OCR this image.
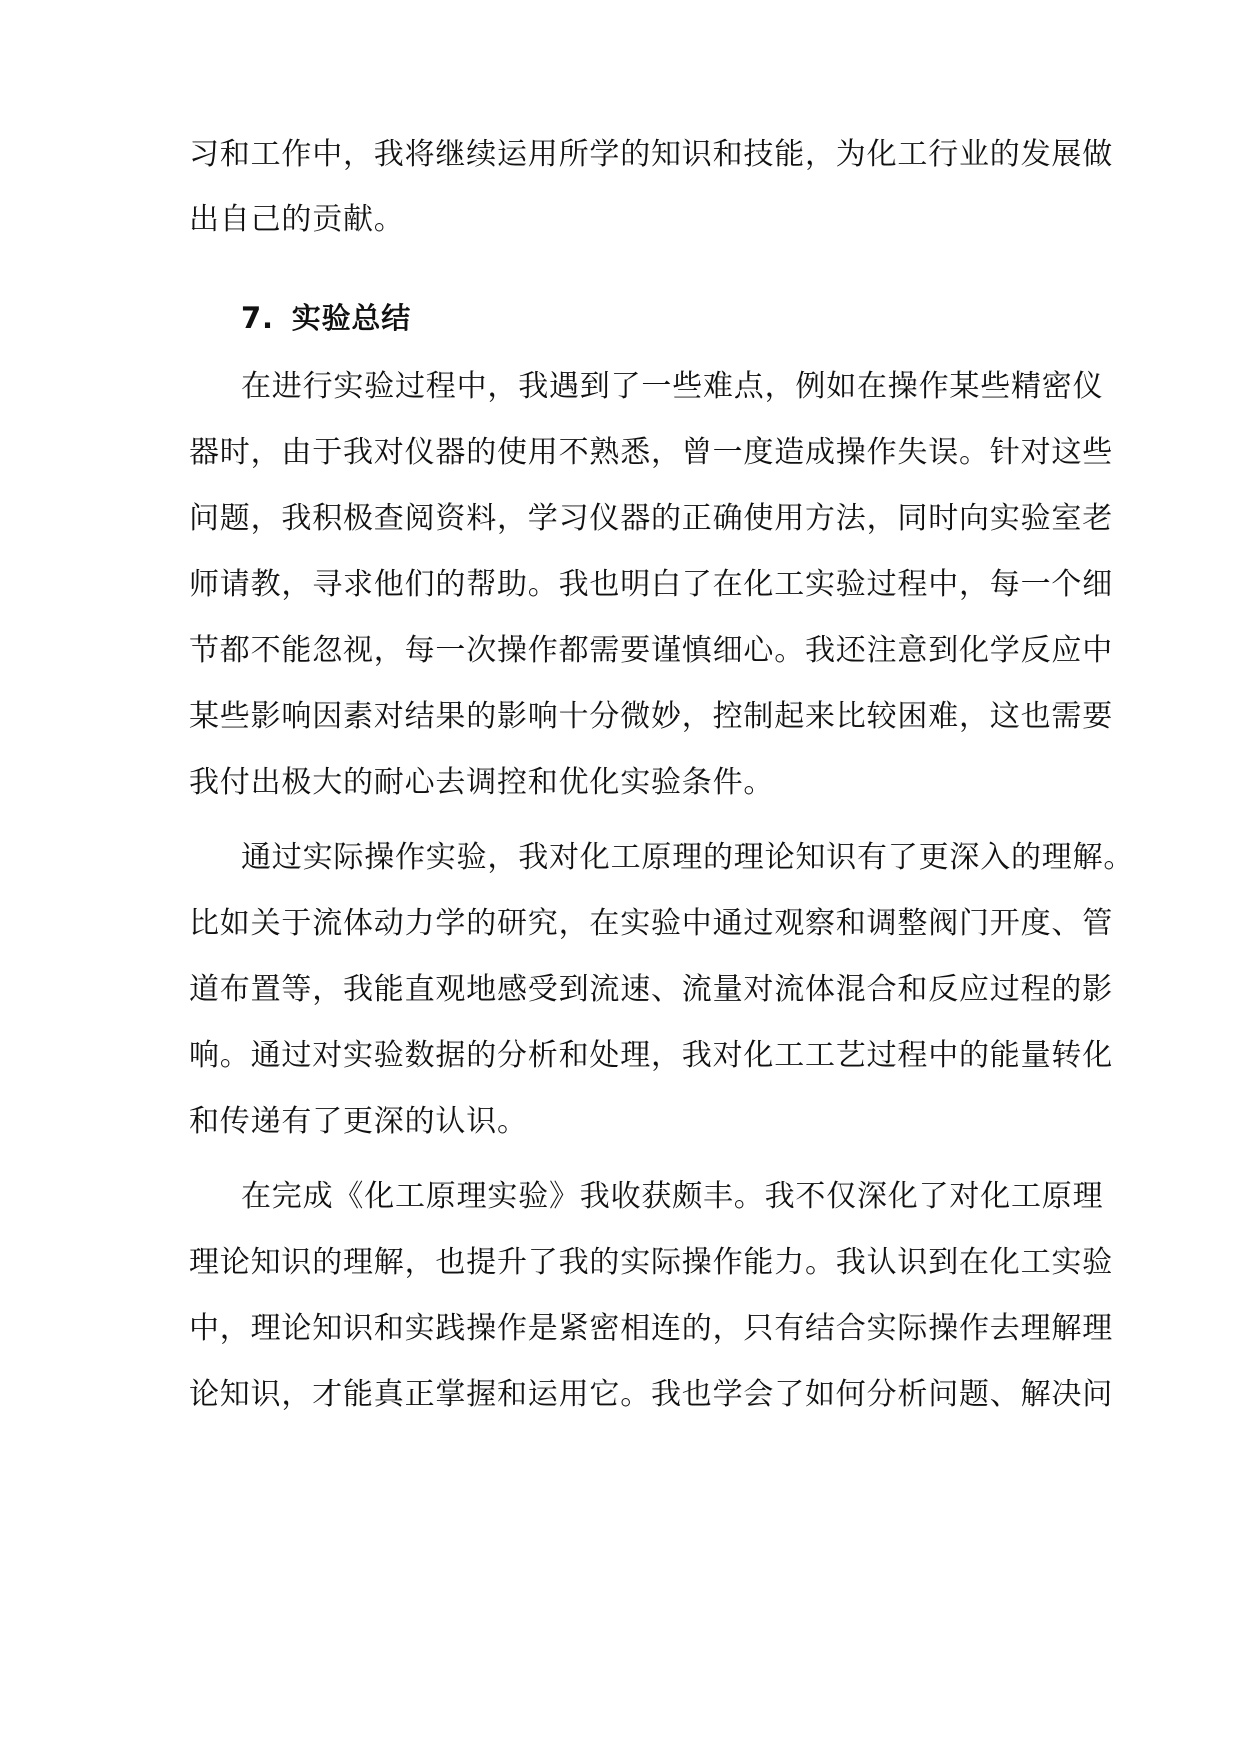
习和工作中，我将继续运用所学的知识和技能，为化工行业的发展做
出自己的贡献。
7. 实验总结
在进行实验过程中，我遇到了一些难点，例如在操作某些精密仪
器时，由于我对仪器的使用不熟悉，曾一度造成操作失误。针对这些
问题，我积极查阅资料，学习仪器的正确使用方法，同时向实验室老
师请教，寻求他们的帮助。我也明白了在化工实验过程中，每一个细
节都不能忽视，每一次操作都需要谨慎细心。我还注意到化学反应中
某些影响因素对结果的影响十分微妙，控制起来比较困难，这也需要
我付出极大的耐心去调控和优化实验条件。
通过实际操作实验，我对化工原理的理论知识有了更深入的理解。
比如关于流体动力学的研究，在实验中通过观察和调整阀门开度、管
道布置等，我能直观地感受到流速、流量对流体混合和反应过程的影
响。通过对实验数据的分析和处理，我对化工工艺过程中的能量转化
和传递有了更深的认识。
在完成《化工原理实验》我收获颇丰。我不仅深化了对化工原理
理论知识的理解，也提升了我的实际操作能力。我认识到在化工实验
中，理论知识和实践操作是紧密相连的，只有结合实际操作去理解理
论知识，才能真正掌握和运用它。我也学会了如何分析问题、解决问
